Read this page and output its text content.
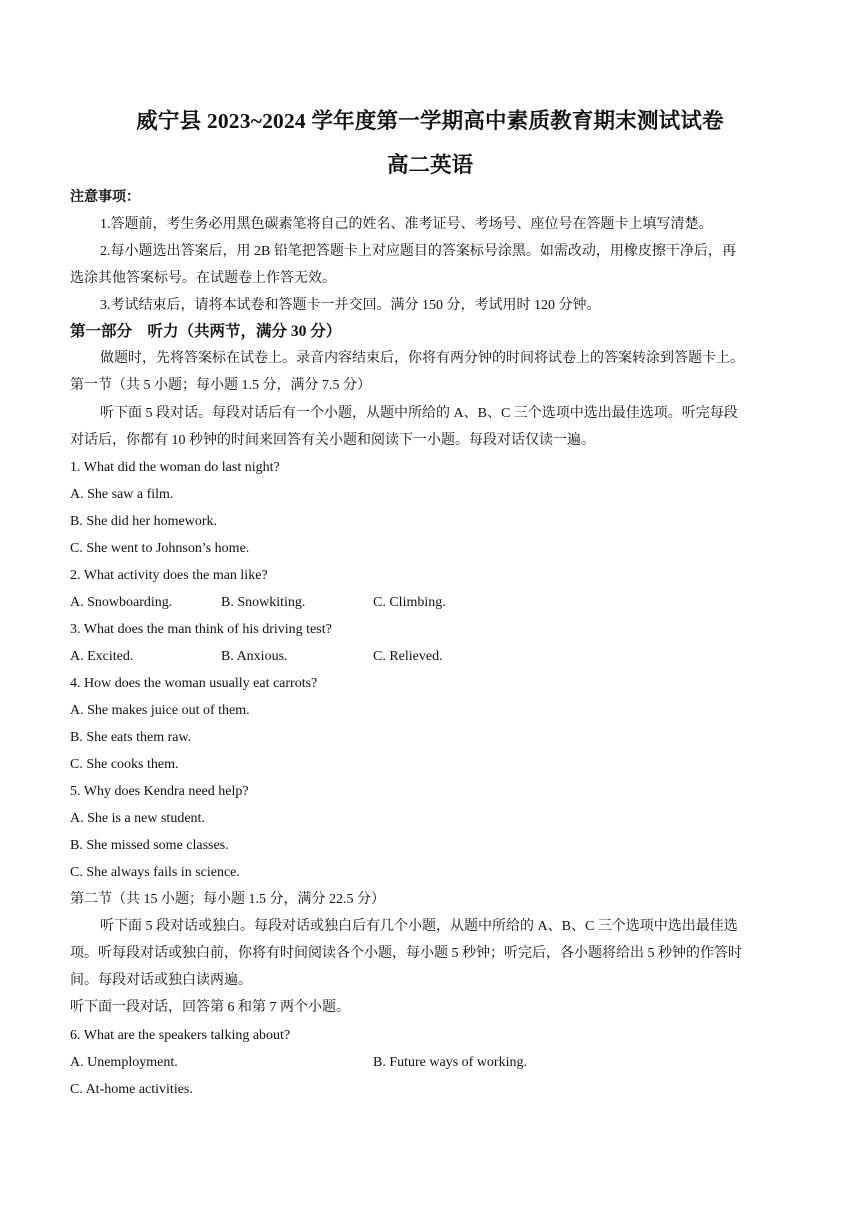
威宁县 2023~2024 学年度第一学期高中素质教育期末测试试卷
高二英语
注意事项：
1.答题前，考生务必用黑色碳素笔将自己的姓名、准考证号、考场号、座位号在答题卡上填写清楚。
2.每小题选出答案后，用 2B 铅笔把答题卡上对应题目的答案标号涂黑。如需改动，用橡皮擦干净后，再
选涂其他答案标号。在试题卷上作答无效。
3.考试结束后，请将本试卷和答题卡一并交回。满分 150 分，考试用时 120 分钟。
第一部分　听力（共两节，满分 30 分）
做题时，先将答案标在试卷上。录音内容结束后，你将有两分钟的时间将试卷上的答案转涂到答题卡上。
第一节（共 5 小题；每小题 1.5 分，满分 7.5 分）
听下面 5 段对话。每段对话后有一个小题，从题中所给的 A、B、C 三个选项中选出最佳选项。听完每段
对话后，你都有 10 秒钟的时间来回答有关小题和阅读下一小题。每段对话仅读一遍。
1. What did the woman do last night?
A. She saw a film.
B. She did her homework.
C. She went to Johnson’s home.
2. What activity does the man like?
A. Snowboarding.	B. Snowkiting.	C. Climbing.
3. What does the man think of his driving test?
A. Excited.	B. Anxious.	C. Relieved.
4. How does the woman usually eat carrots?
A. She makes juice out of them.
B. She eats them raw.
C. She cooks them.
5. Why does Kendra need help?
A. She is a new student.
B. She missed some classes.
C. She always fails in science.
第二节（共 15 小题；每小题 1.5 分，满分 22.5 分）
听下面 5 段对话或独白。每段对话或独白后有几个小题，从题中所给的 A、B、C 三个选项中选出最佳选
项。听每段对话或独白前，你将有时间阅读各个小题，每小题 5 秒钟；听完后，各小题将给出 5 秒钟的作答时
间。每段对话或独白读两遍。
听下面一段对话，回答第 6 和第 7 两个小题。
6. What are the speakers talking about?
A. Unemployment.	B. Future ways of working.
C. At-home activities.
